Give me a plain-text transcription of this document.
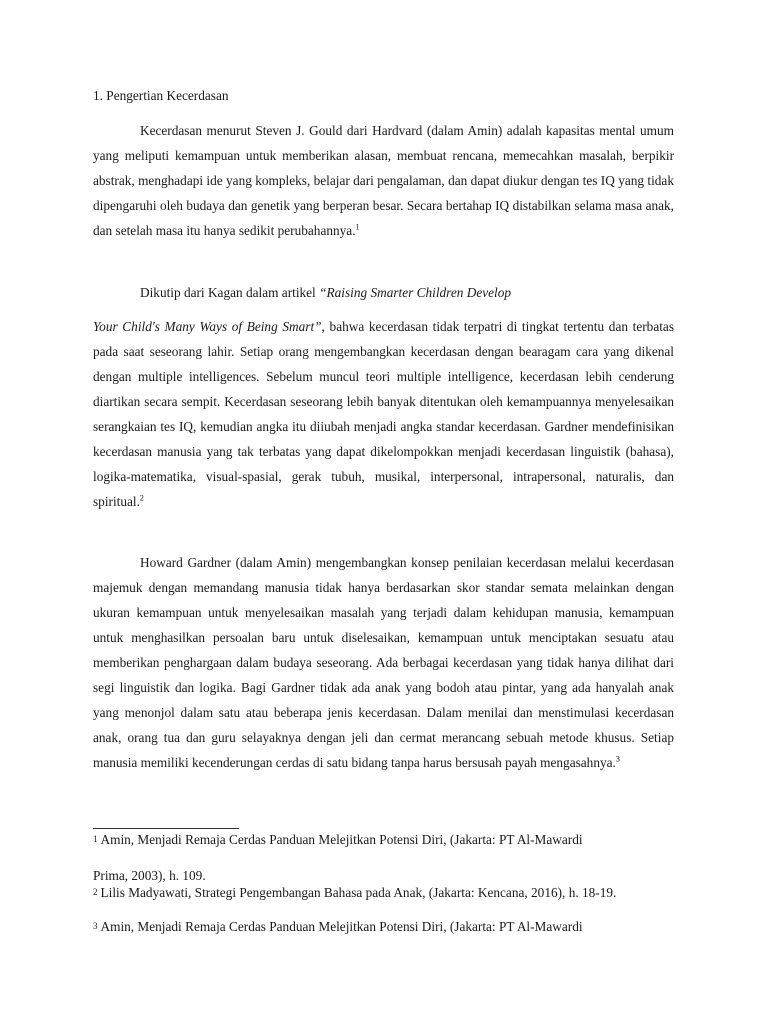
1. Pengertian Kecerdasan

Kecerdasan menurut Steven J. Gould dari Hardvard (dalam Amin) adalah kapasitas mental umum yang meliputi kemampuan untuk memberikan alasan, membuat rencana, memecahkan masalah, berpikir abstrak, menghadapi ide yang kompleks, belajar dari pengalaman, dan dapat diukur dengan tes IQ yang tidak dipengaruhi oleh budaya dan genetik yang berperan besar. Secara bertahap IQ distabilkan selama masa anak, dan setelah masa itu hanya sedikit perubahannya.$^1$

Dikutip dari Kagan dalam artikel “Raising Smarter Children Develop

Your Child's Many Ways of Being Smart”, bahwa kecerdasan tidak terpatri di tingkat tertentu dan terbatas pada saat seseorang lahir. Setiap orang mengembangkan kecerdasan dengan bearagam cara yang dikenal dengan multiple intelligences. Sebelum muncul teori multiple intelligence, kecerdasan lebih cenderung diartikan secara sempit. Kecerdasan seseorang lebih banyak ditentukan oleh kemampuannya menyelesaikan serangkaian tes IQ, kemudian angka itu diiubah menjadi angka standar kecerdasan. Gardner mendefinisikan kecerdasan manusia yang tak terbatas yang dapat dikelompokkan menjadi kecerdasan linguistik (bahasa), logika-matematika, visual-spasial, gerak tubuh, musikal, interpersonal, intrapersonal, naturalis, dan spiritual.$^2$

Howard Gardner (dalam Amin) mengembangkan konsep penilaian kecerdasan melalui kecerdasan majemuk dengan memandang manusia tidak hanya berdasarkan skor standar semata melainkan dengan ukuran kemampuan untuk menyelesaikan masalah yang terjadi dalam kehidupan manusia, kemampuan untuk menghasilkan persoalan baru untuk diselesaikan, kemampuan untuk menciptakan sesuatu atau memberikan penghargaan dalam budaya seseorang. Ada berbagai kecerdasan yang tidak hanya dilihat dari segi linguistik dan logika. Bagi Gardner tidak ada anak yang bodoh atau pintar, yang ada hanyalah anak yang menonjol dalam satu atau beberapa jenis kecerdasan. Dalam menilai dan menstimulasi kecerdasan anak, orang tua dan guru selayaknya dengan jeli dan cermat merancang sebuah metode khusus. Setiap manusia memiliki kecenderungan cerdas di satu bidang tanpa harus bersusah payah mengasahnya.$^3$

$^1$ Amin, Menjadi Remaja Cerdas Panduan Melejitkan Potensi Diri, (Jakarta: PT Al-Mawardi

Prima, 2003), h. 109.

$^2$ Lilis Madyawati, Strategi Pengembangan Bahasa pada Anak, (Jakarta: Kencana, 2016), h. 18-19.

$^3$ Amin, Menjadi Remaja Cerdas Panduan Melejitkan Potensi Diri, (Jakarta: PT Al-Mawardi
